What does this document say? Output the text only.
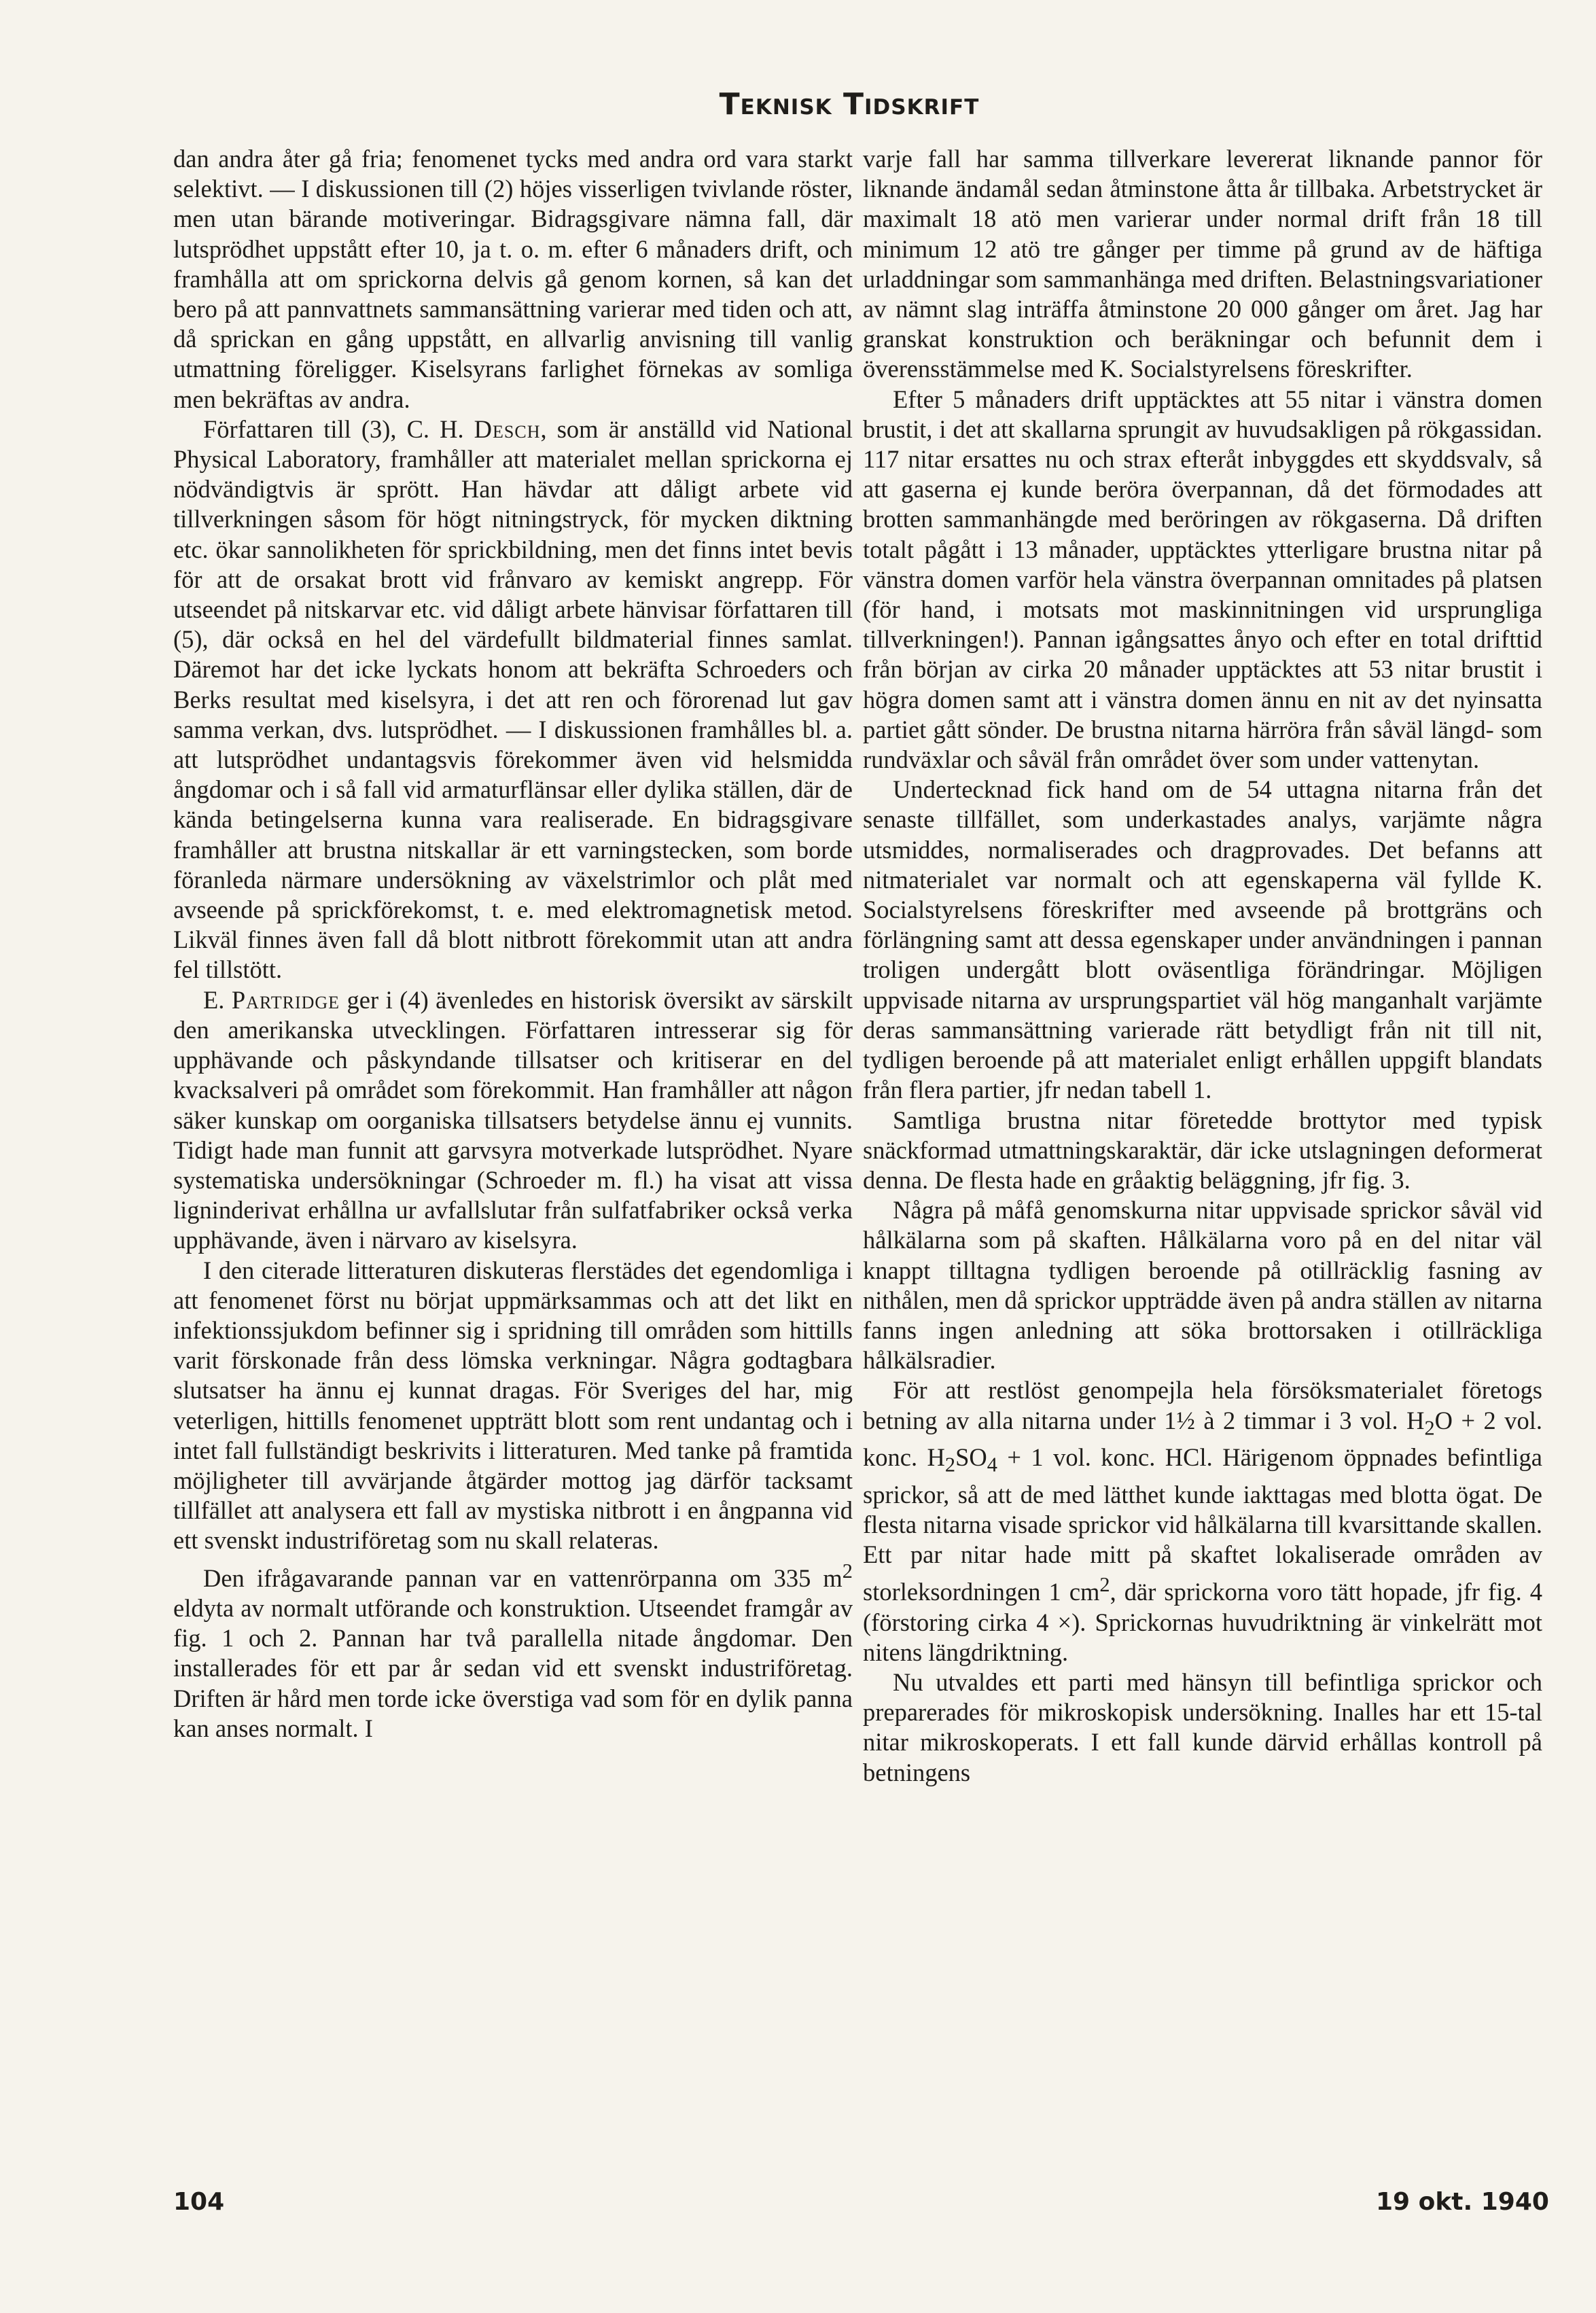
Teknisk Tidskrift

dan andra åter gå fria; fenomenet tycks med andra ord vara starkt selektivt. — I diskussionen till (2) höjes visserligen tvivlande röster, men utan bärande motiveringar. Bidragsgivare nämna fall, där lutsprödhet uppstått efter 10, ja t. o. m. efter 6 månaders drift, och framhålla att om sprickorna delvis gå genom kornen, så kan det bero på att pannvattnets sammansättning varierar med tiden och att, då sprickan en gång uppstått, en allvarlig anvisning till vanlig utmattning föreligger. Kiselsyrans farlighet förnekas av somliga men bekräftas av andra.

Författaren till (3), C. H. Desch, som är anställd vid National Physical Laboratory, framhåller att materialet mellan sprickorna ej nödvändigtvis är sprött. Han hävdar att dåligt arbete vid tillverkningen såsom för högt nitningstryck, för mycken diktning etc. ökar sannolikheten för sprickbildning, men det finns intet bevis för att de orsakat brott vid frånvaro av kemiskt angrepp. För utseendet på nitskarvar etc. vid dåligt arbete hänvisar författaren till (5), där också en hel del värdefullt bildmaterial finnes samlat. Däremot har det icke lyckats honom att bekräfta Schroeders och Berks resultat med kiselsyra, i det att ren och förorenad lut gav samma verkan, dvs. lutsprödhet. — I diskussionen framhålles bl. a. att lutsprödhet undantagsvis förekommer även vid helsmidda ångdomar och i så fall vid armaturflänsar eller dylika ställen, där de kända betingelserna kunna vara realiserade. En bidragsgivare framhåller att brustna nitskallar är ett varningstecken, som borde föranleda närmare undersökning av växelstrimlor och plåt med avseende på sprickförekomst, t. e. med elektromagnetisk metod. Likväl finnes även fall då blott nitbrott förekommit utan att andra fel tillstött.

E. Partridge ger i (4) ävenledes en historisk översikt av särskilt den amerikanska utvecklingen. Författaren intresserar sig för upphävande och påskyndande tillsatser och kritiserar en del kvacksalveri på området som förekommit. Han framhåller att någon säker kunskap om oorganiska tillsatsers betydelse ännu ej vunnits. Tidigt hade man funnit att garvsyra motverkade lutsprödhet. Nyare systematiska undersökningar (Schroeder m. fl.) ha visat att vissa ligninderivat erhållna ur avfallslutar från sulfatfabriker också verka upphävande, även i närvaro av kiselsyra.

I den citerade litteraturen diskuteras flerstädes det egendomliga i att fenomenet först nu börjat uppmärksammas och att det likt en infektionssjukdom befinner sig i spridning till områden som hittills varit förskonade från dess lömska verkningar. Några godtagbara slutsatser ha ännu ej kunnat dragas. För Sveriges del har, mig veterligen, hittills fenomenet uppträtt blott som rent undantag och i intet fall fullständigt beskrivits i litteraturen. Med tanke på framtida möjligheter till avvärjande åtgärder mottog jag därför tacksamt tillfället att analysera ett fall av mystiska nitbrott i en ångpanna vid ett svenskt industriföretag som nu skall relateras.

Den ifrågavarande pannan var en vattenrörpanna om 335 $m^2$ eldyta av normalt utförande och konstruktion. Utseendet framgår av fig. 1 och 2. Pannan har två parallella nitade ångdomar. Den installerades för ett par år sedan vid ett svenskt industriföretag. Driften är hård men torde icke överstiga vad som för en dylik panna kan anses normalt. I

varje fall har samma tillverkare levererat liknande pannor för liknande ändamål sedan åtminstone åtta år tillbaka. Arbetstrycket är maximalt 18 atö men varierar under normal drift från 18 till minimum 12 atö tre gånger per timme på grund av de häftiga urladdningar som sammanhänga med driften. Belastningsvariationer av nämnt slag inträffa åtminstone 20 000 gånger om året. Jag har granskat konstruktion och beräkningar och befunnit dem i överensstämmelse med K. Socialstyrelsens föreskrifter.

Efter 5 månaders drift upptäcktes att 55 nitar i vänstra domen brustit, i det att skallarna sprungit av huvudsakligen på rökgassidan. 117 nitar ersattes nu och strax efteråt inbyggdes ett skyddsvalv, så att gaserna ej kunde beröra överpannan, då det förmodades att brotten sammanhängde med beröringen av rökgaserna. Då driften totalt pågått i 13 månader, upptäcktes ytterligare brustna nitar på vänstra domen varför hela vänstra överpannan omnitades på platsen (för hand, i motsats mot maskinnitningen vid ursprungliga tillverkningen!). Pannan igångsattes ånyo och efter en total drifttid från början av cirka 20 månader upptäcktes att 53 nitar brustit i högra domen samt att i vänstra domen ännu en nit av det nyinsatta partiet gått sönder. De brustna nitarna härröra från såväl längd- som rundväxlar och såväl från området över som under vattenytan.

Undertecknad fick hand om de 54 uttagna nitarna från det senaste tillfället, som underkastades analys, varjämte några utsmiddes, normaliserades och dragprovades. Det befanns att nitmaterialet var normalt och att egenskaperna väl fyllde K. Socialstyrelsens föreskrifter med avseende på brottgräns och förlängning samt att dessa egenskaper under användningen i pannan troligen undergått blott oväsentliga förändringar. Möjligen uppvisade nitarna av ursprungspartiet väl hög manganhalt varjämte deras sammansättning varierade rätt betydligt från nit till nit, tydligen beroende på att materialet enligt erhållen uppgift blandats från flera partier, jfr nedan tabell 1.

Samtliga brustna nitar företedde brottytor med typisk snäckformad utmattningskaraktär, där icke utslagningen deformerat denna. De flesta hade en gråaktig beläggning, jfr fig. 3.

Några på måfå genomskurna nitar uppvisade sprickor såväl vid hålkälarna som på skaften. Hålkälarna voro på en del nitar väl knappt tilltagna tydligen beroende på otillräcklig fasning av nithålen, men då sprickor uppträdde även på andra ställen av nitarna fanns ingen anledning att söka brottorsaken i otillräckliga hålkälsradier.

För att restlöst genompejla hela försöksmaterialet företogs betning av alla nitarna under 1½ à 2 timmar i 3 vol. $H_2O + 2$ vol. konc. $H_2SO_4 + 1$ vol. konc. HCl. Härigenom öppnades befintliga sprickor, så att de med lätthet kunde iakttagas med blotta ögat. De flesta nitarna visade sprickor vid hålkälarna till kvarsittande skallen. Ett par nitar hade mitt på skaftet lokaliserade områden av storleksordningen 1 $cm^2$, där sprickorna voro tätt hopade, jfr fig. 4 (förstoring cirka 4 ×). Sprickornas huvudriktning är vinkelrätt mot nitens längdriktning.

Nu utvaldes ett parti med hänsyn till befintliga sprickor och preparerades för mikroskopisk undersökning. Inalles har ett 15-tal nitar mikroskoperats. I ett fall kunde därvid erhållas kontroll på betningens

104	19 okt. 1940
